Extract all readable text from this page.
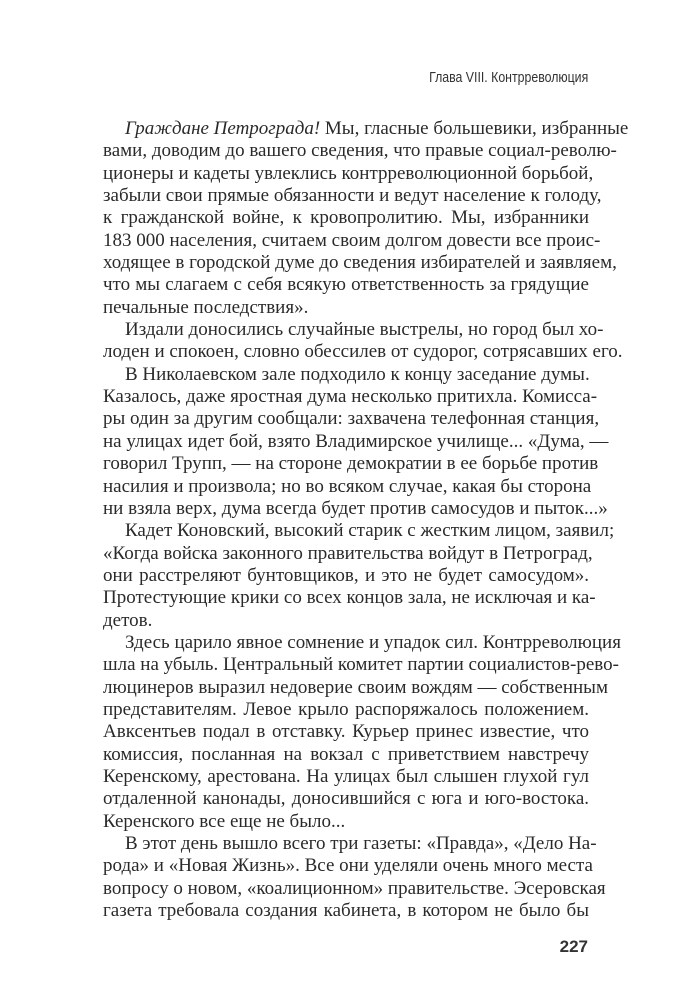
Глава VIII. Контрреволюция
Граждане Петрограда! Мы, гласные большевики, избранные
вами, доводим до вашего сведения, что правые социал-револю-
ционеры и кадеты увлеклись контрреволюционной борьбой,
забыли свои прямые обязанности и ведут население к голоду,
к гражданской войне, к кровопролитию. Мы, избранники
183 000 населения, считаем своим долгом довести все проис-
ходящее в городской думе до сведения избирателей и заявляем,
что мы слагаем с себя всякую ответственность за грядущие
печальные последствия».
Издали доносились случайные выстрелы, но город был хо-
лоден и спокоен, словно обессилев от судорог, сотрясавших его.
В Николаевском зале подходило к концу заседание думы.
Казалось, даже яростная дума несколько притихла. Комисса-
ры один за другим сообщали: захвачена телефонная станция,
на улицах идет бой, взято Владимирское училище... «Дума, —
говорил Трупп, — на стороне демократии в ее борьбе против
насилия и произвола; но во всяком случае, какая бы сторона
ни взяла верх, дума всегда будет против самосудов и пыток...»
Кадет Коновский, высокий старик с жестким лицом, заявил;
«Когда войска законного правительства войдут в Петроград,
они расстреляют бунтовщиков, и это не будет самосудом».
Протестующие крики со всех концов зала, не исключая и ка-
детов.
Здесь царило явное сомнение и упадок сил. Контрреволюция
шла на убыль. Центральный комитет партии социалистов-рево-
люцинеров выразил недоверие своим вождям — собственным
представителям. Левое крыло распоряжалось положением.
Авксентьев подал в отставку. Курьер принес известие, что
комиссия, посланная на вокзал с приветствием навстречу
Керенскому, арестована. На улицах был слышен глухой гул
отдаленной канонады, доносившийся с юга и юго-востока.
Керенского все еще не было...
В этот день вышло всего три газеты: «Правда», «Дело На-
рода» и «Новая Жизнь». Все они уделяли очень много места
вопросу о новом, «коалиционном» правительстве. Эсеровская
газета требовала создания кабинета, в котором не было бы
227
